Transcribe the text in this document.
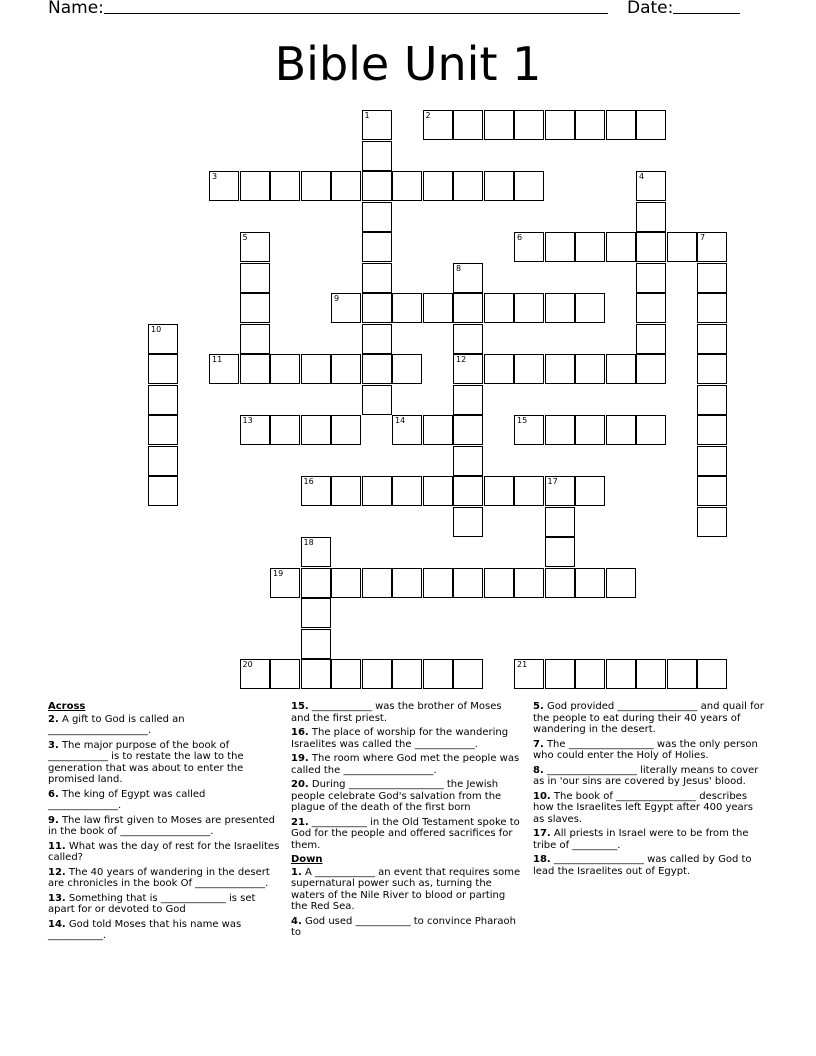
Name:	Date:
Bible Unit 1
1	2
3	4
5	6	7
8
12
9
10
11
13	14	15
16	17
18
19
20	21
Across
2. A gift to God is called an ____________________.
3. The major purpose of the book of ____________ is to restate the law to the generation that was about to enter the promised land.
6. The king of Egypt was called ______________.
9. The law first given to Moses are presented in the book of __________________.
11. What was the day of rest for the Israelites called?
12. The 40 years of wandering in the desert are chronicles in the book Of ______________.
13. Something that is _____________ is set apart for or devoted to God
14. God told Moses that his name was ___________.
15. ____________ was the brother of Moses and the first priest.
16. The place of worship for the wandering Israelites was called the ____________.
19. The room where God met the people was called the __________________.
20. During ___________________ the Jewish people celebrate God's salvation from the plague of the death of the first born
21. ___________ in the Old Testament spoke to God for the people and offered sacrifices for them.
Down
1. A ____________ an event that requires some supernatural power such as, turning the waters of the Nile River to blood or parting the Red Sea.
4. God used ___________ to convince Pharaoh to
5. God provided ________________ and quail for the people to eat during their 40 years of wandering in the desert.
7. The _________________ was the only person who could enter the Holy of Holies.
8. __________________ literally means to cover as in 'our sins are covered by Jesus' blood.
10. The book of ________________ describes how the Israelites left Egypt after 400 years as slaves.
17. All priests in Israel were to be from the tribe of _________.
18. __________________ was called by God to lead the Israelites out of Egypt.
